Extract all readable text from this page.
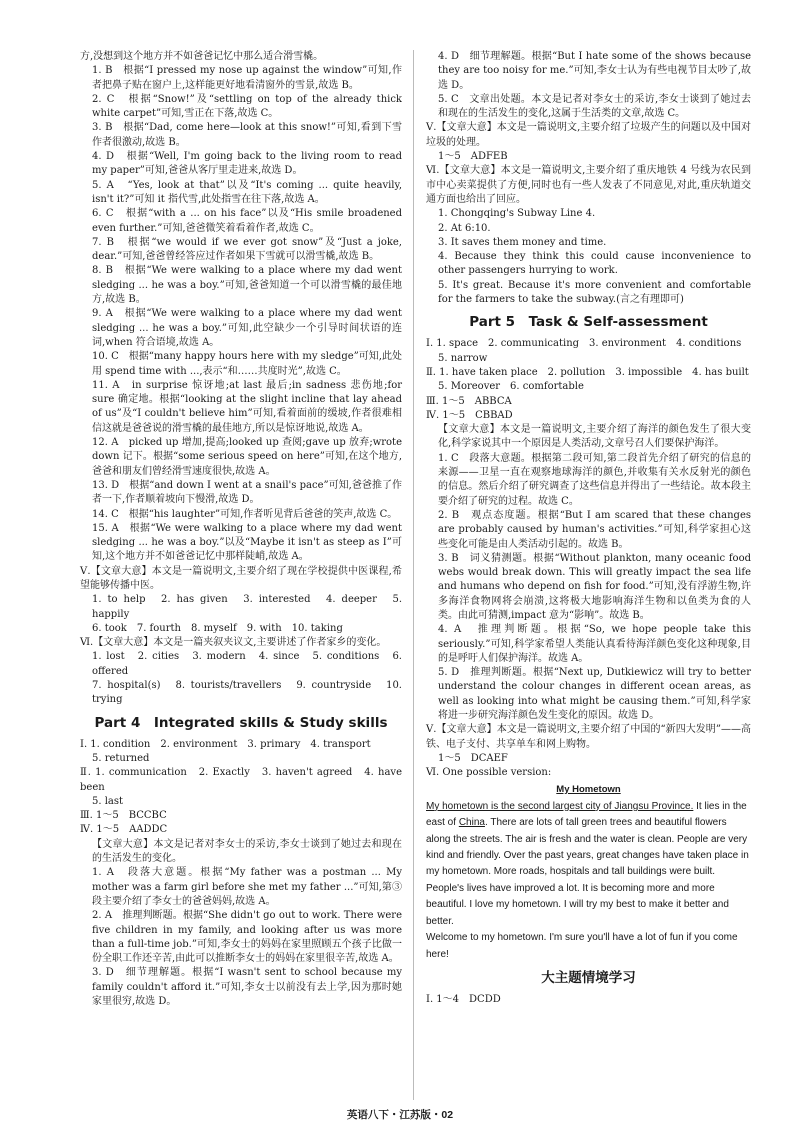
方,没想到这个地方并不如爸爸记忆中那么适合滑雪橇。

1. B　根据“I pressed my nose up against the window”可知,作者把鼻子贴在窗户上,这样能更好地看清窗外的雪景,故选 B。

2. C　根据“Snow!”及“settling on top of the already thick white carpet”可知,雪正在下落,故选 C。

3. B　根据“Dad, come here—look at this snow!”可知,看到下雪作者很激动,故选 B。

4. D　根据“Well, I'm going back to the living room to read my paper”可知,爸爸从客厅里走进来,故选 D。

5. A　“Yes, look at that”以及“It's coming ... quite heavily, isn't it?”可知 it 指代雪,此处指雪在往下落,故选 A。

6. C　根据“with a ... on his face”以及“His smile broadened even further.”可知,爸爸微笑着看着作者,故选 C。

7. B　根据“we would if we ever got snow”及“Just a joke, dear.”可知,爸爸曾经答应过作者如果下雪就可以滑雪橇,故选 B。

8. B　根据“We were walking to a place where my dad went sledging ... he was a boy.”可知,爸爸知道一个可以滑雪橇的最佳地方,故选 B。

9. A　根据“We were walking to a place where my dad went sledging ... he was a boy.”可知,此空缺少一个引导时间状语的连词,when 符合语境,故选 A。

10. C　根据“many happy hours here with my sledge”可知,此处用 spend time with ...,表示“和……共度时光”,故选 C。

11. A　in surprise 惊讶地;at last 最后;in sadness 悲伤地;for sure 确定地。根据“looking at the slight incline that lay ahead of us”及“I couldn't believe him”可知,看着面前的缓坡,作者很难相信这就是爸爸说的滑雪橇的最佳地方,所以是惊讶地说,故选 A。

12. A　picked up 增加,提高;looked up 查阅;gave up 放弃;wrote down 记下。根据“some serious speed on here”可知,在这个地方,爸爸和朋友们曾经滑雪速度很快,故选 A。

13. D　根据“and down I went at a snail's pace”可知,爸爸推了作者一下,作者顺着坡向下慢滑,故选 D。

14. C　根据“his laughter”可知,作者听见背后爸爸的笑声,故选 C。

15. A　根据“We were walking to a place where my dad went sledging ... he was a boy.”以及“Maybe it isn't as steep as I”可知,这个地方并不如爸爸记忆中那样陡峭,故选 A。

Ⅴ.【文章大意】本文是一篇说明文,主要介绍了现在学校提供中医课程,希望能够传播中医。

1. to help　2. has given　3. interested　4. deeper　5. happily

6. took　7. fourth　8. myself　9. with　10. taking

Ⅵ.【文章大意】本文是一篇夹叙夹议文,主要讲述了作者家乡的变化。

1. lost　2. cities　3. modern　4. since　5. conditions　6. offered

7. hospital(s)　8. tourists/travellers　9. countryside　10. trying

Part 4　Integrated skills & Study skills

Ⅰ. 1. condition　2. environment　3. primary　4. transport

5. returned

Ⅱ. 1. communication　2. Exactly　3. haven't agreed　4. have been

5. last

Ⅲ. 1～5　BCCBC

Ⅳ. 1～5　AADDC

【文章大意】本文是记者对李女士的采访,李女士谈到了她过去和现在的生活发生的变化。

1. A　段落大意题。根据“My father was a postman ... My mother was a farm girl before she met my father ...”可知,第③段主要介绍了李女士的爸爸妈妈,故选 A。

2. A　推理判断题。根据“She didn't go out to work. There were five children in my family, and looking after us was more than a full-time job.”可知,李女士的妈妈在家里照顾五个孩子比做一份全职工作还辛苦,由此可以推断李女士的妈妈在家里很辛苦,故选 A。

3. D　细节理解题。根据“I wasn't sent to school because my family couldn't afford it.”可知,李女士以前没有去上学,因为那时她家里很穷,故选 D。

4. D　细节理解题。根据“But I hate some of the shows because they are too noisy for me.”可知,李女士认为有些电视节目太吵了,故选 D。

5. C　文章出处题。本文是记者对李女士的采访,李女士谈到了她过去和现在的生活发生的变化,这属于生活类的文章,故选 C。

Ⅴ.【文章大意】本文是一篇说明文,主要介绍了垃圾产生的问题以及中国对垃圾的处理。

1～5　ADFEB

Ⅵ.【文章大意】本文是一篇说明文,主要介绍了重庆地铁 4 号线为农民到市中心卖菜提供了方便,同时也有一些人发表了不同意见,对此,重庆轨道交通方面也给出了回应。

1. Chongqing's Subway Line 4.

2. At 6:10.

3. It saves them money and time.

4. Because they think this could cause inconvenience to other passengers hurrying to work.

5. It's great. Because it's more convenient and comfortable for the farmers to take the subway.(言之有理即可)

Part 5　Task & Self-assessment

Ⅰ. 1. space　2. communicating　3. environment　4. conditions

5. narrow

Ⅱ. 1. have taken place　2. pollution　3. impossible　4. has built

5. Moreover　6. comfortable

Ⅲ. 1～5　ABBCA

Ⅳ. 1～5　CBBAD

【文章大意】本文是一篇说明文,主要介绍了海洋的颜色发生了很大变化,科学家说其中一个原因是人类活动,文章号召人们要保护海洋。

1. C　段落大意题。根据第二段可知,第二段首先介绍了研究的信息的来源——卫星一直在观察地球海洋的颜色,并收集有关水反射光的颜色的信息。然后介绍了研究调查了这些信息并得出了一些结论。故本段主要介绍了研究的过程。故选 C。

2. B　观点态度题。根据“But I am scared that these changes are probably caused by human's activities.”可知,科学家担心这些变化可能是由人类活动引起的。故选 B。

3. B　词义猜测题。根据“Without plankton, many oceanic food webs would break down. This will greatly impact the sea life and humans who depend on fish for food.”可知,没有浮游生物,许多海洋食物网将会崩溃,这将极大地影响海洋生物和以鱼类为食的人类。由此可猜测,impact 意为“影响”。故选 B。

4. A　推理判断题。根据“So, we hope people take this seriously.”可知,科学家希望人类能认真看待海洋颜色变化这种现象,目的是呼吁人们保护海洋。故选 A。

5. D　推理判断题。根据“Next up, Dutkiewicz will try to better understand the colour changes in different ocean areas, as well as looking into what might be causing them.”可知,科学家将进一步研究海洋颜色发生变化的原因。故选 D。

Ⅴ.【文章大意】本文是一篇说明文,主要介绍了中国的“新四大发明”——高铁、电子支付、共享单车和网上购物。

1～5　DCAEF

Ⅵ. One possible version:

My Hometown

My hometown is the second largest city of Jiangsu Province. It lies in the east of China. There are lots of tall green trees and beautiful flowers along the streets. The air is fresh and the water is clean. People are very kind and friendly. Over the past years, great changes have taken place in my hometown. More roads, hospitals and tall buildings were built. People's lives have improved a lot. It is becoming more and more beautiful. I love my hometown. I will try my best to make it better and better.

Welcome to my hometown. I'm sure you'll have a lot of fun if you come here!

大主题情境学习

Ⅰ. 1～4　DCDD

英语八下・江苏版・02
